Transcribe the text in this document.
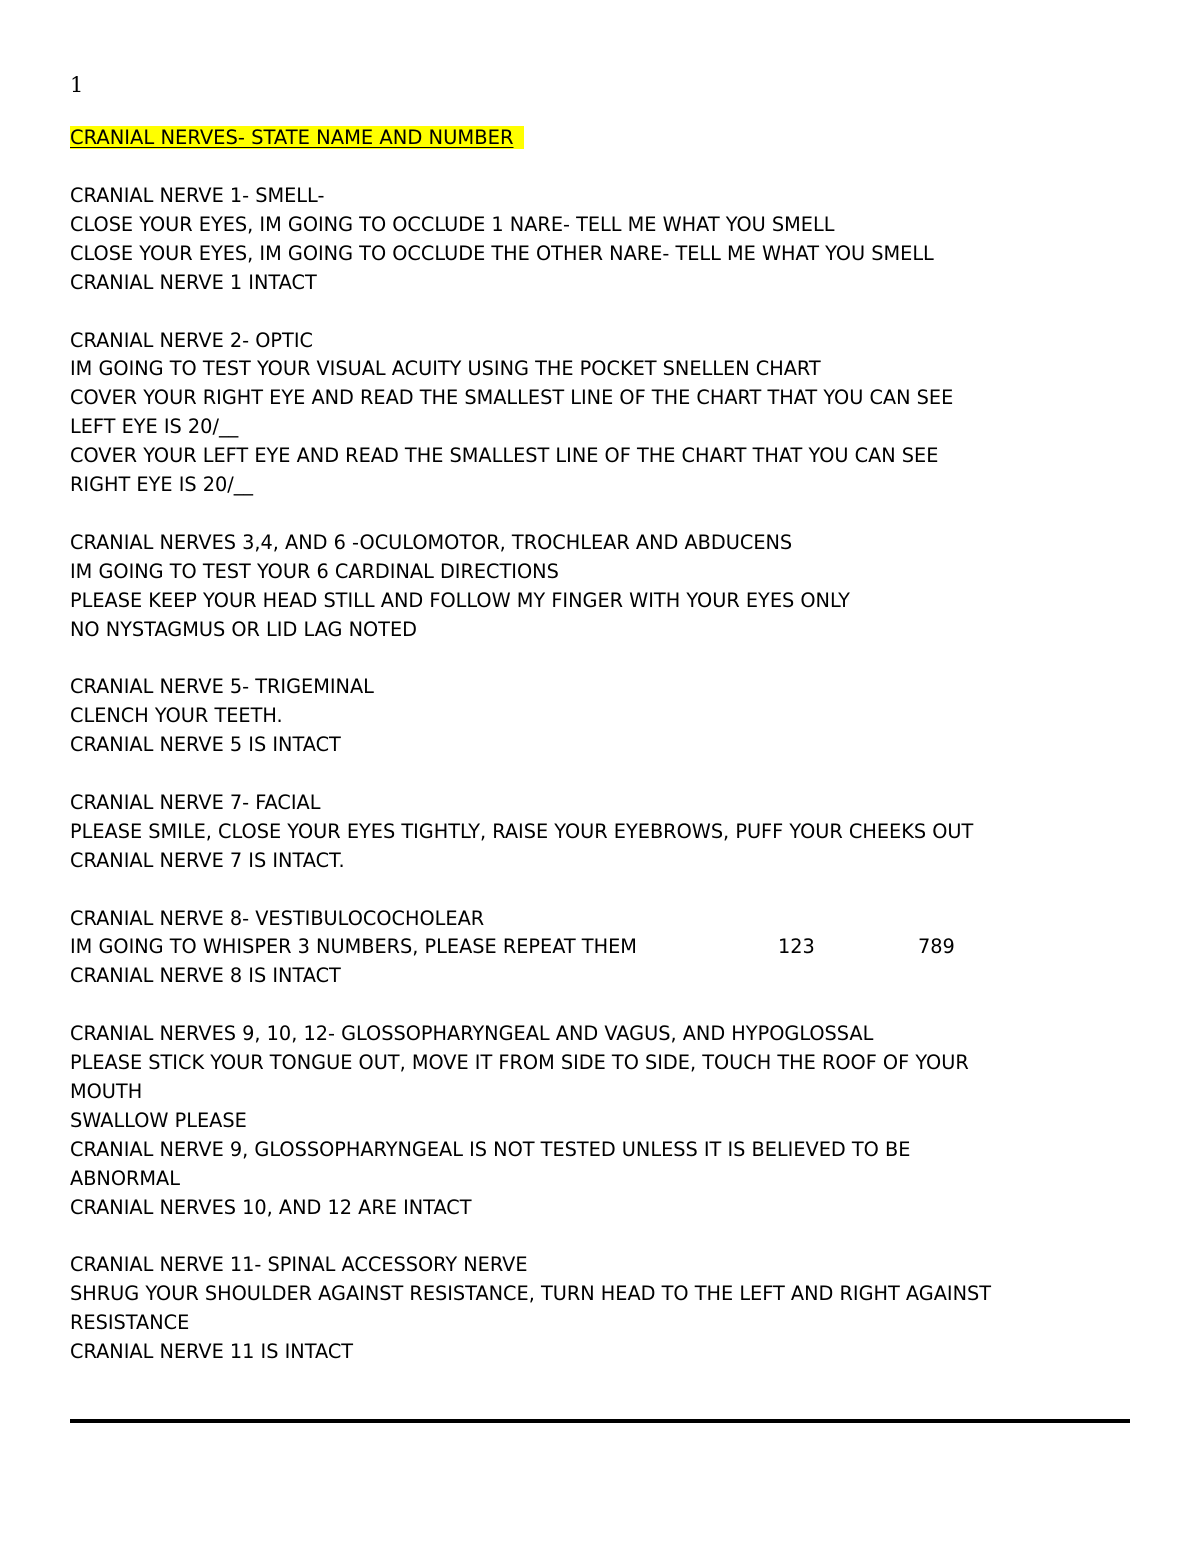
1

CRANIAL NERVES- STATE NAME AND NUMBER

CRANIAL NERVE 1- SMELL-

CLOSE YOUR EYES, IM GOING TO OCCLUDE 1 NARE- TELL ME WHAT YOU SMELL

CLOSE YOUR EYES, IM GOING TO OCCLUDE THE OTHER NARE- TELL ME WHAT YOU SMELL

CRANIAL NERVE 1 INTACT

CRANIAL NERVE 2- OPTIC

IM GOING TO TEST YOUR VISUAL ACUITY USING THE POCKET SNELLEN CHART

COVER YOUR RIGHT EYE AND READ THE SMALLEST LINE OF THE CHART THAT YOU CAN SEE

LEFT EYE IS 20/__

COVER YOUR LEFT EYE AND READ THE SMALLEST LINE OF THE CHART THAT YOU CAN SEE

RIGHT EYE IS 20/__

CRANIAL NERVES 3,4, AND 6 -OCULOMOTOR, TROCHLEAR AND ABDUCENS

IM GOING TO TEST YOUR 6 CARDINAL DIRECTIONS

PLEASE KEEP YOUR HEAD STILL AND FOLLOW MY FINGER WITH YOUR EYES ONLY

NO NYSTAGMUS OR LID LAG NOTED

CRANIAL NERVE 5- TRIGEMINAL

CLENCH YOUR TEETH.

CRANIAL NERVE 5 IS INTACT

CRANIAL NERVE 7- FACIAL

PLEASE SMILE, CLOSE YOUR EYES TIGHTLY, RAISE YOUR EYEBROWS, PUFF YOUR CHEEKS OUT

CRANIAL NERVE 7 IS INTACT.

CRANIAL NERVE 8- VESTIBULOCOCHOLEAR

IM GOING TO WHISPER 3 NUMBERS, PLEASE REPEAT THEM	123	789

CRANIAL NERVE 8 IS INTACT

CRANIAL NERVES 9, 10, 12- GLOSSOPHARYNGEAL AND VAGUS, AND HYPOGLOSSAL

PLEASE STICK YOUR TONGUE OUT, MOVE IT FROM SIDE TO SIDE, TOUCH THE ROOF OF YOUR

MOUTH

SWALLOW PLEASE

CRANIAL NERVE 9, GLOSSOPHARYNGEAL IS NOT TESTED UNLESS IT IS BELIEVED TO BE

ABNORMAL

CRANIAL NERVES 10, AND 12 ARE INTACT

CRANIAL NERVE 11- SPINAL ACCESSORY NERVE

SHRUG YOUR SHOULDER AGAINST RESISTANCE, TURN HEAD TO THE LEFT AND RIGHT AGAINST

RESISTANCE

CRANIAL NERVE 11 IS INTACT
